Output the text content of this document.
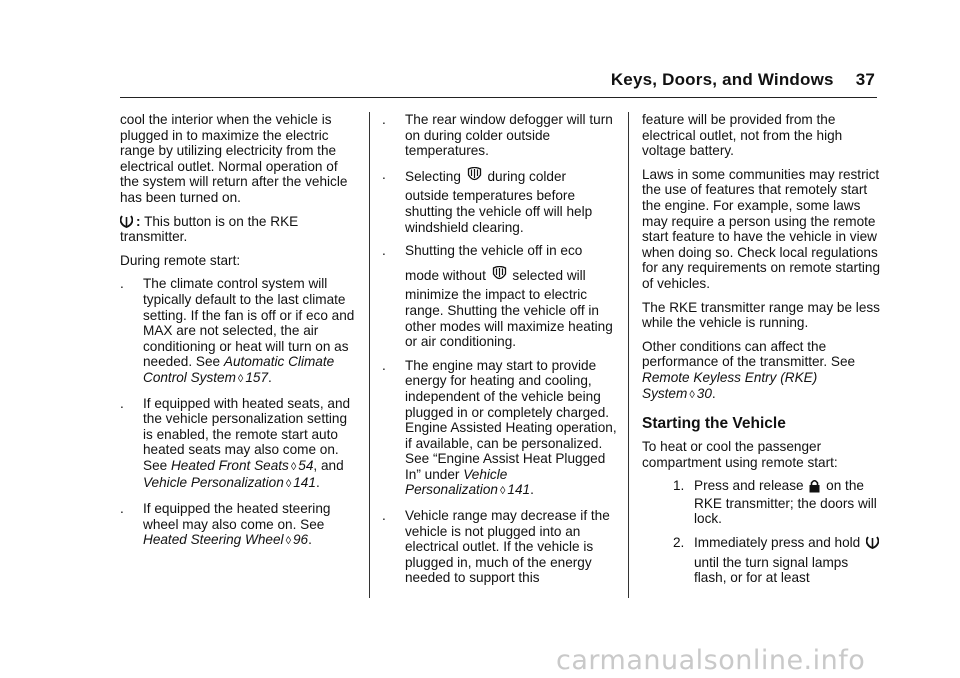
Keys, Doors, and Windows 37

cool the interior when the vehicle is plugged in to maximize the electric range by utilizing electricity from the electrical outlet. Normal operation of the system will return after the vehicle has been turned on.

: This button is on the RKE transmitter.

During remote start:

. The climate control system will typically default to the last climate setting. If the fan is off or if eco and MAX are not selected, the air conditioning or heat will turn on as needed. See Automatic Climate Control System ◊ 157.
. If equipped with heated seats, and the vehicle personalization setting is enabled, the remote start auto heated seats may also come on. See Heated Front Seats ◊ 54, and Vehicle Personalization ◊ 141.
. If equipped the heated steering wheel may also come on. See Heated Steering Wheel ◊ 96.
. The rear window defogger will turn on during colder outside temperatures.
. Selecting during colder
outside temperatures before shutting the vehicle off will help windshield clearing.
. Shutting the vehicle off in eco
mode without selected will
minimize the impact to electric range. Shutting the vehicle off in other modes will maximize heating or air conditioning.
. The engine may start to provide energy for heating and cooling, independent of the vehicle being plugged in or completely charged. Engine Assisted Heating operation, if available, can be personalized. See “Engine Assist Heat Plugged In” under Vehicle Personalization ◊ 141.
. Vehicle range may decrease if the vehicle is not plugged into an electrical outlet. If the vehicle is plugged in, much of the energy needed to support this

feature will be provided from the electrical outlet, not from the high voltage battery.

Laws in some communities may restrict the use of features that remotely start the engine. For example, some laws may require a person using the remote start feature to have the vehicle in view when doing so. Check local regulations for any requirements on remote starting of vehicles.

The RKE transmitter range may be less while the vehicle is running.

Other conditions can affect the performance of the transmitter. See Remote Keyless Entry (RKE) System ◊ 30.

Starting the Vehicle

To heat or cool the passenger compartment using remote start:

1. Press and release on the
RKE transmitter; the doors will lock.
2. Immediately press and hold
until the turn signal lamps flash, or for at least
carmanualsonline.info
